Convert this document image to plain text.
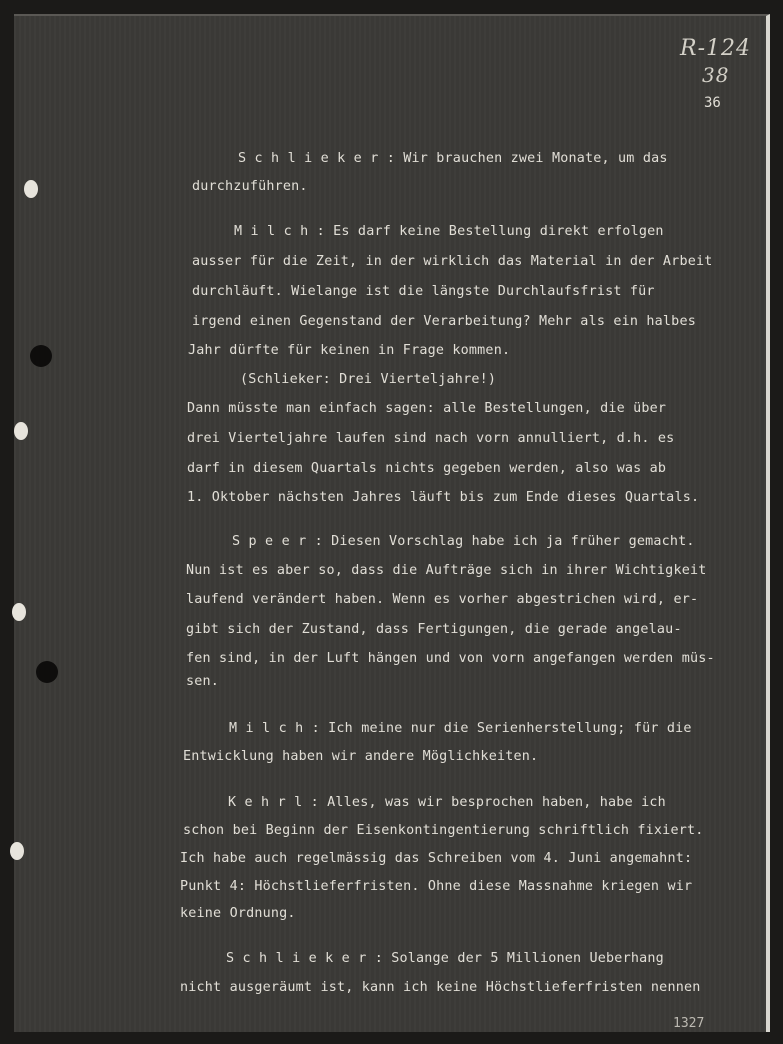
R-124
38
36
S c h l i e k e r : Wir brauchen zwei Monate, um das
durchzuführen.
M i l c h : Es darf keine Bestellung direkt erfolgen
ausser für die Zeit, in der wirklich das Material in der Arbeit
durchläuft. Wielange ist die längste Durchlaufsfrist für
irgend einen Gegenstand der Verarbeitung? Mehr als ein halbes
Jahr dürfte für keinen in Frage kommen.
(Schlieker: Drei Vierteljahre!)
Dann müsste man einfach sagen: alle Bestellungen, die über
drei Vierteljahre laufen sind nach vorn annulliert, d.h. es
darf in diesem Quartals nichts gegeben werden, also was ab
1. Oktober nächsten Jahres läuft bis zum Ende dieses Quartals.
S p e e r : Diesen Vorschlag habe ich ja früher gemacht.
Nun ist es aber so, dass die Aufträge sich in ihrer Wichtigkeit
laufend verändert haben. Wenn es vorher abgestrichen wird, er-
gibt sich der Zustand, dass Fertigungen, die gerade angelau-
fen sind, in der Luft hängen und von vorn angefangen werden müs-
sen.
M i l c h : Ich meine nur die Serienherstellung; für die
Entwicklung haben wir andere Möglichkeiten.
K e h r l : Alles, was wir besprochen haben, habe ich
schon bei Beginn der Eisenkontingentierung schriftlich fixiert.
Ich habe auch regelmässig das Schreiben vom 4. Juni angemahnt:
Punkt 4: Höchstlieferfristen. Ohne diese Massnahme kriegen wir
keine Ordnung.
S c h l i e k e r : Solange der 5 Millionen Ueberhang
nicht ausgeräumt ist, kann ich keine Höchstlieferfristen nennen
1327
